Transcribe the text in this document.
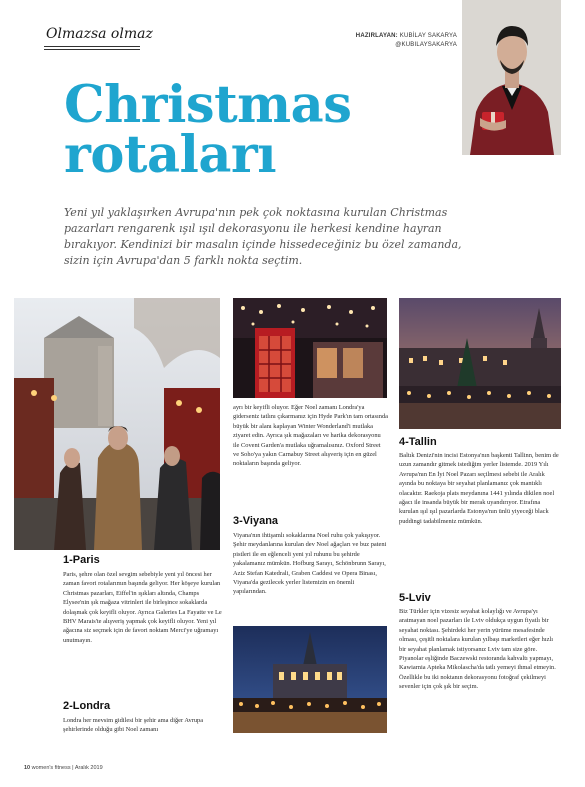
Olmazsa olmaz	HAZIRLAYAN: KUBİLAY SAKARYA
@KUBILAYSAKARYA
Christmas
rotaları
Yeni yıl yaklaşırken Avrupa'nın pek çok noktasına kurulan Christmas pazarları rengarenk ışıl ışıl dekorasyonu ile herkesi kendine hayran bırakıyor. Kendinizi bir masalın içinde hissedeceğiniz bu özel zamanda, sizin için Avrupa'dan 5 farklı nokta seçtim.
1-Paris
Paris, şehre olan özel sevgim sebebiyle yeni yıl öncesi her zaman favori rotalarımın başında geliyor. Her köşeye kurulan Christmas pazarları, Eiffel'in ışıkları altında, Champs Elysee'nin şık mağaza vitrinleri ile birleşince sokaklarda dolaşmak çok keyifli oluyor. Ayrıca Galeries La Fayatte ve Le BHV Marais'te alışveriş yapmak çok keyifli oluyor. Yeni yıl ağacına siz seçmek için de favori noktam Merci'ye uğramayı unutmayın.
2-Londra
Londra her mevsim gidilesi bir şehir ama diğer Avrupa şehirlerinde olduğu gibi Noel zamanı
ayrı bir keyifli oluyor. Eğer Noel zamanı Londra'ya giderseniz tatlını çıkarmanız için Hyde Park'ın tam ortasında büyük bir alanı kaplayan Winter Wonderland'i mutlaka ziyaret edin. Ayrıca şık mağazaları ve harika dekorasyonu ile Covent Garden'a mutlaka uğramalısınız. Oxford Street ve Soho'ya yakın Carnabuy Street alışveriş için en güzel noktaların başında geliyor.
3-Viyana
Viyana'nın ihtişamlı sokaklarına Noel ruhu çok yakışıyor. Şehir meydanlarına kurulan dev Noel ağaçları ve buz pateni pistleri ile en eğlenceli yeni yıl ruhunu bu şehirde yakalamanız mümkün. Hofburg Sarayı, Schönbrunn Sarayı, Aziz Stefan Katedrali, Graben Caddesi ve Opera Binası, Viyana'da gezilecek yerler listemizin en önemli yapılarından.
4-Tallin
Baltık Denizi'nin incisi Estonya'nın başkenti Tallinn, benim de uzun zamandır gitmek istediğim yerler listemde. 2019 Yılı Avrupa'nın En İyi Noel Pazarı seçilmesi sebebi ile Aralık ayında bu noktaya bir seyahat planlamanız çok mantıklı olacaktır. Raekoja plats meydanına 1441 yılında dikilen noel ağacı ile insanda büyük bir merak uyandırıyor. Etrafına kurulan ışıl ışıl pazarlarda Estonya'nın ünlü yiyeceği black puddingi tadabilmeniz mümkün.
5-Lviv
Biz Türkler için vizesiz seyahat kolaylığı ve Avrupa'yı aratmayan noel pazarları ile Lviv oldukça uygun fiyatlı bir seyahat noktası. Şehirdeki her yerin yürüme mesafesinde olması, çeşitli noktalara kurulan yılbaşı marketleri eğer hızlı bir seyahat planlamak istiyorsanız Lviv tam size göre. Piyanolar eşliğinde Baczewski restoranda kahvaltı yapmayı, Kawiarnia Apteka Mikolascha'da tatlı yemeyi ihmal etmeyin. Özellikle bu iki noktanın dekorasyonu fotoğraf çekilmeyi sevenler için çok şık bir seçim.
10 women's fitness | Aralık 2019
